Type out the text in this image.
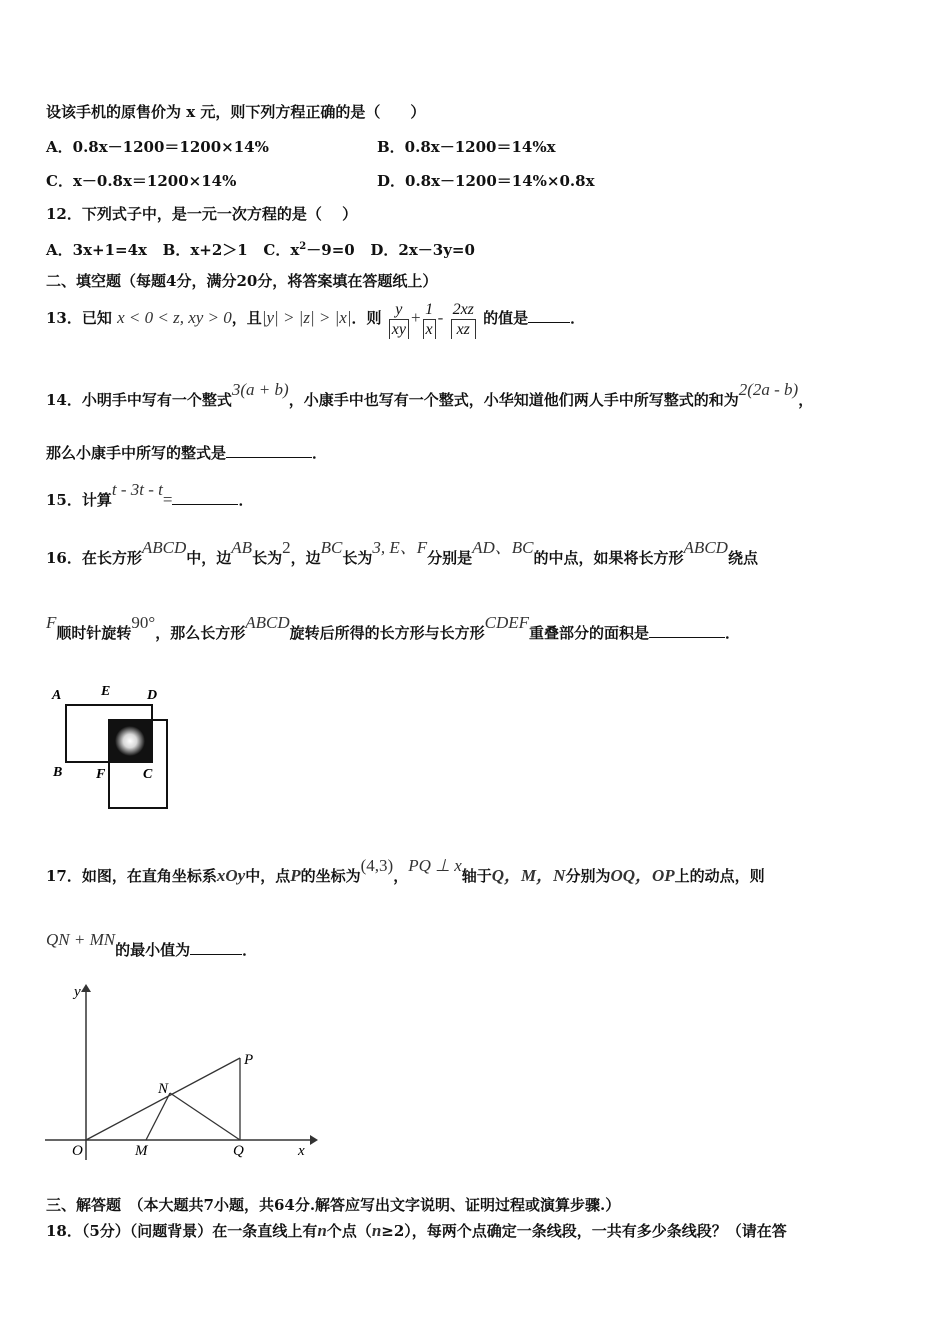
设该手机的原售价为 x 元，则下列方程正确的是（　　）
A．0.8x－1200＝1200×14%	B．0.8x－1200＝14%x
C．x－0.8x＝1200×14%	D．0.8x－1200＝14%×0.8x
12．下列式子中，是一元一次方程的是（　 ）
A．3x+1=4x B．x+2＞1 C．$x^2-9=0$ D．2x－3y=0
二、填空题（每题4分，满分20分，将答案填在答题纸上）
13．已知 x < 0 < z, xy > 0，且|y| > |z| > |x|．则 $\frac{y}{xy} + \frac{1}{x} - \frac{2xz}{xz}$ 的值是	．
14．小明手中写有一个整式3(a + b)，小康手中也写有一个整式，小华知道他们两人手中所写整式的和为2(2a - b)，
那么小康手中所写的整式是	．
15．计算t - 3t - t=	．
16．在长方形ABCD中，边AB长为2，边BC长为3, E、F分别是AD、BC的中点，如果将长方形ABCD绕点
F顺时针旋转90°，那么长方形ABCD旋转后所得的长方形与长方形CDEF重叠部分的面积是	．
A	E	D
B F	C
17．如图，在直角坐标系xOy中，点P的坐标为(4,3)，PQ ⊥ x轴于Q，M，N分别为OQ，OP上的动点，则
QN + MN的最小值为	．
y
x
O	M	Q
N
P
三、解答题　（本大题共7小题，共64分.解答应写出文字说明、证明过程或演算步骤.）
18．（5分）（问题背景）在一条直线上有n个点（n≥2），每两个点确定一条线段，一共有多少条线段？（请在答
